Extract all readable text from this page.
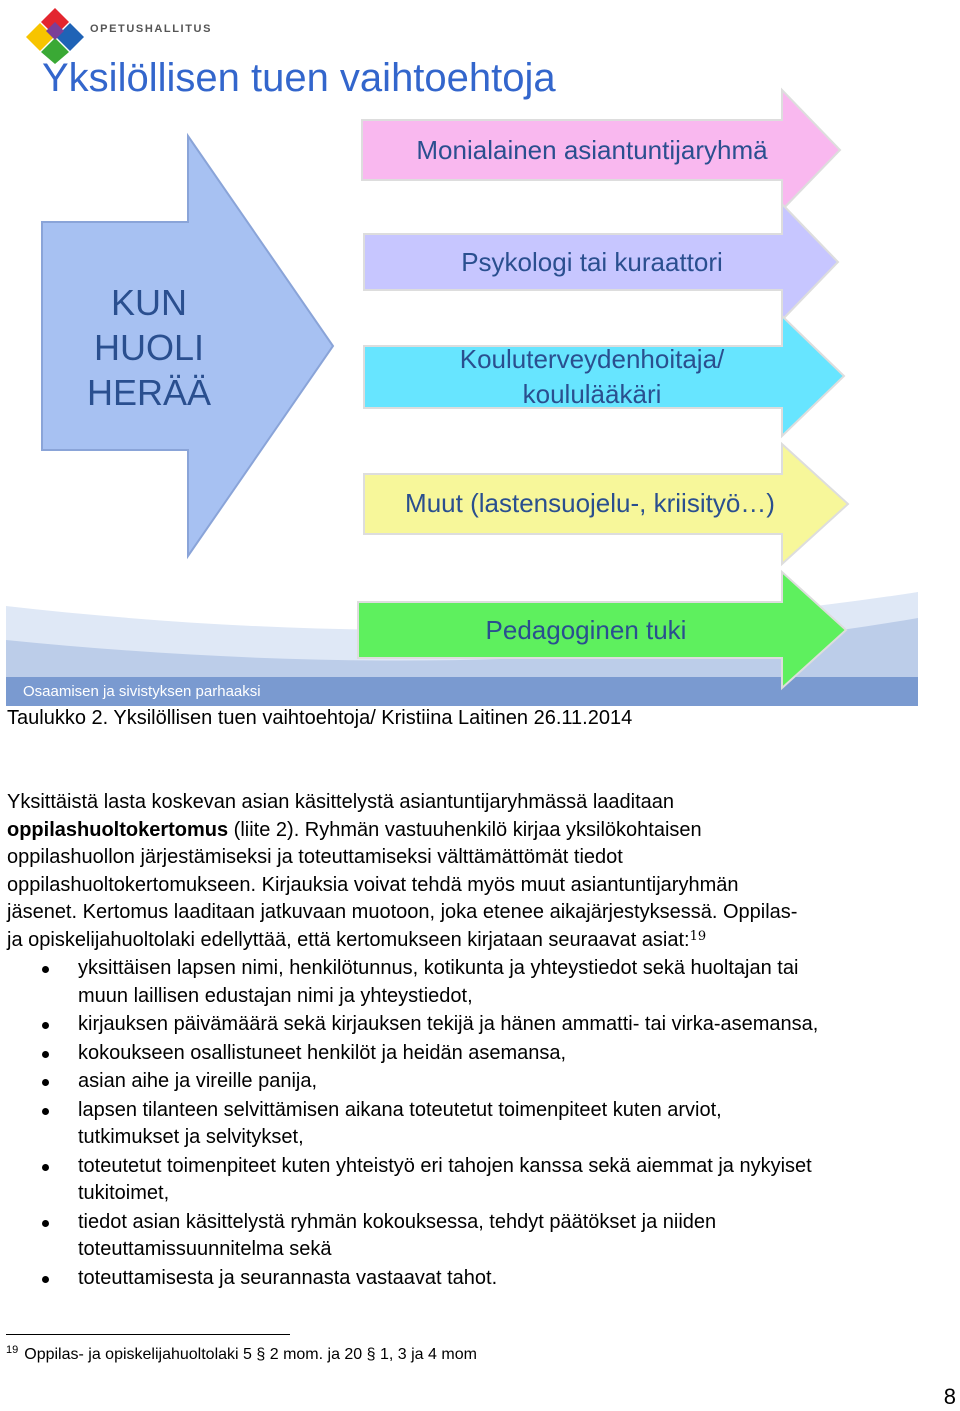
OPETUSHALLITUS
Yksilöllisen tuen vaihtoehtoja
KUN
HUOLI
HERÄÄ
Monialainen asiantuntijaryhmä
Psykologi tai kuraattori
Kouluterveydenhoitaja/
koululääkäri
Muut (lastensuojelu-, kriisityö…)
Pedagoginen tuki
Osaamisen ja sivistyksen parhaaksi
Taulukko 2. Yksilöllisen tuen vaihtoehtoja/ Kristiina Laitinen 26.11.2014

Yksittäistä lasta koskevan asian käsittelystä asiantuntijaryhmässä laaditaan

oppilashuoltokertomus (liite 2). Ryhmän vastuuhenkilö kirjaa yksilökohtaisen

oppilashuollon järjestämiseksi ja toteuttamiseksi välttämättömät tiedot

oppilashuoltokertomukseen. Kirjauksia voivat tehdä myös muut asiantuntijaryhmän

jäsenet. Kertomus laaditaan jatkuvaan muotoon, joka etenee aikajärjestyksessä. Oppilas-

ja opiskelijahuoltolaki edellyttää, että kertomukseen kirjataan seuraavat asiat:$^{19}$

yksittäisen lapsen nimi, henkilötunnus, kotikunta ja yhteystiedot sekä huoltajan tai
muun laillisen edustajan nimi ja yhteystiedot,
kirjauksen päivämäärä sekä kirjauksen tekijä ja hänen ammatti- tai virka-asemansa,
kokoukseen osallistuneet henkilöt ja heidän asemansa,
asian aihe ja vireille panija,
lapsen tilanteen selvittämisen aikana toteutetut toimenpiteet kuten arviot,
tutkimukset ja selvitykset,
toteutetut toimenpiteet kuten yhteistyö eri tahojen kanssa sekä aiemmat ja nykyiset
tukitoimet,
tiedot asian käsittelystä ryhmän kokouksessa, tehdyt päätökset ja niiden
toteuttamissuunnitelma sekä
toteuttamisesta ja seurannasta vastaavat tahot.
$^{19}$ Oppilas- ja opiskelijahuoltolaki 5 § 2 mom. ja 20 § 1, 3 ja 4 mom
8
